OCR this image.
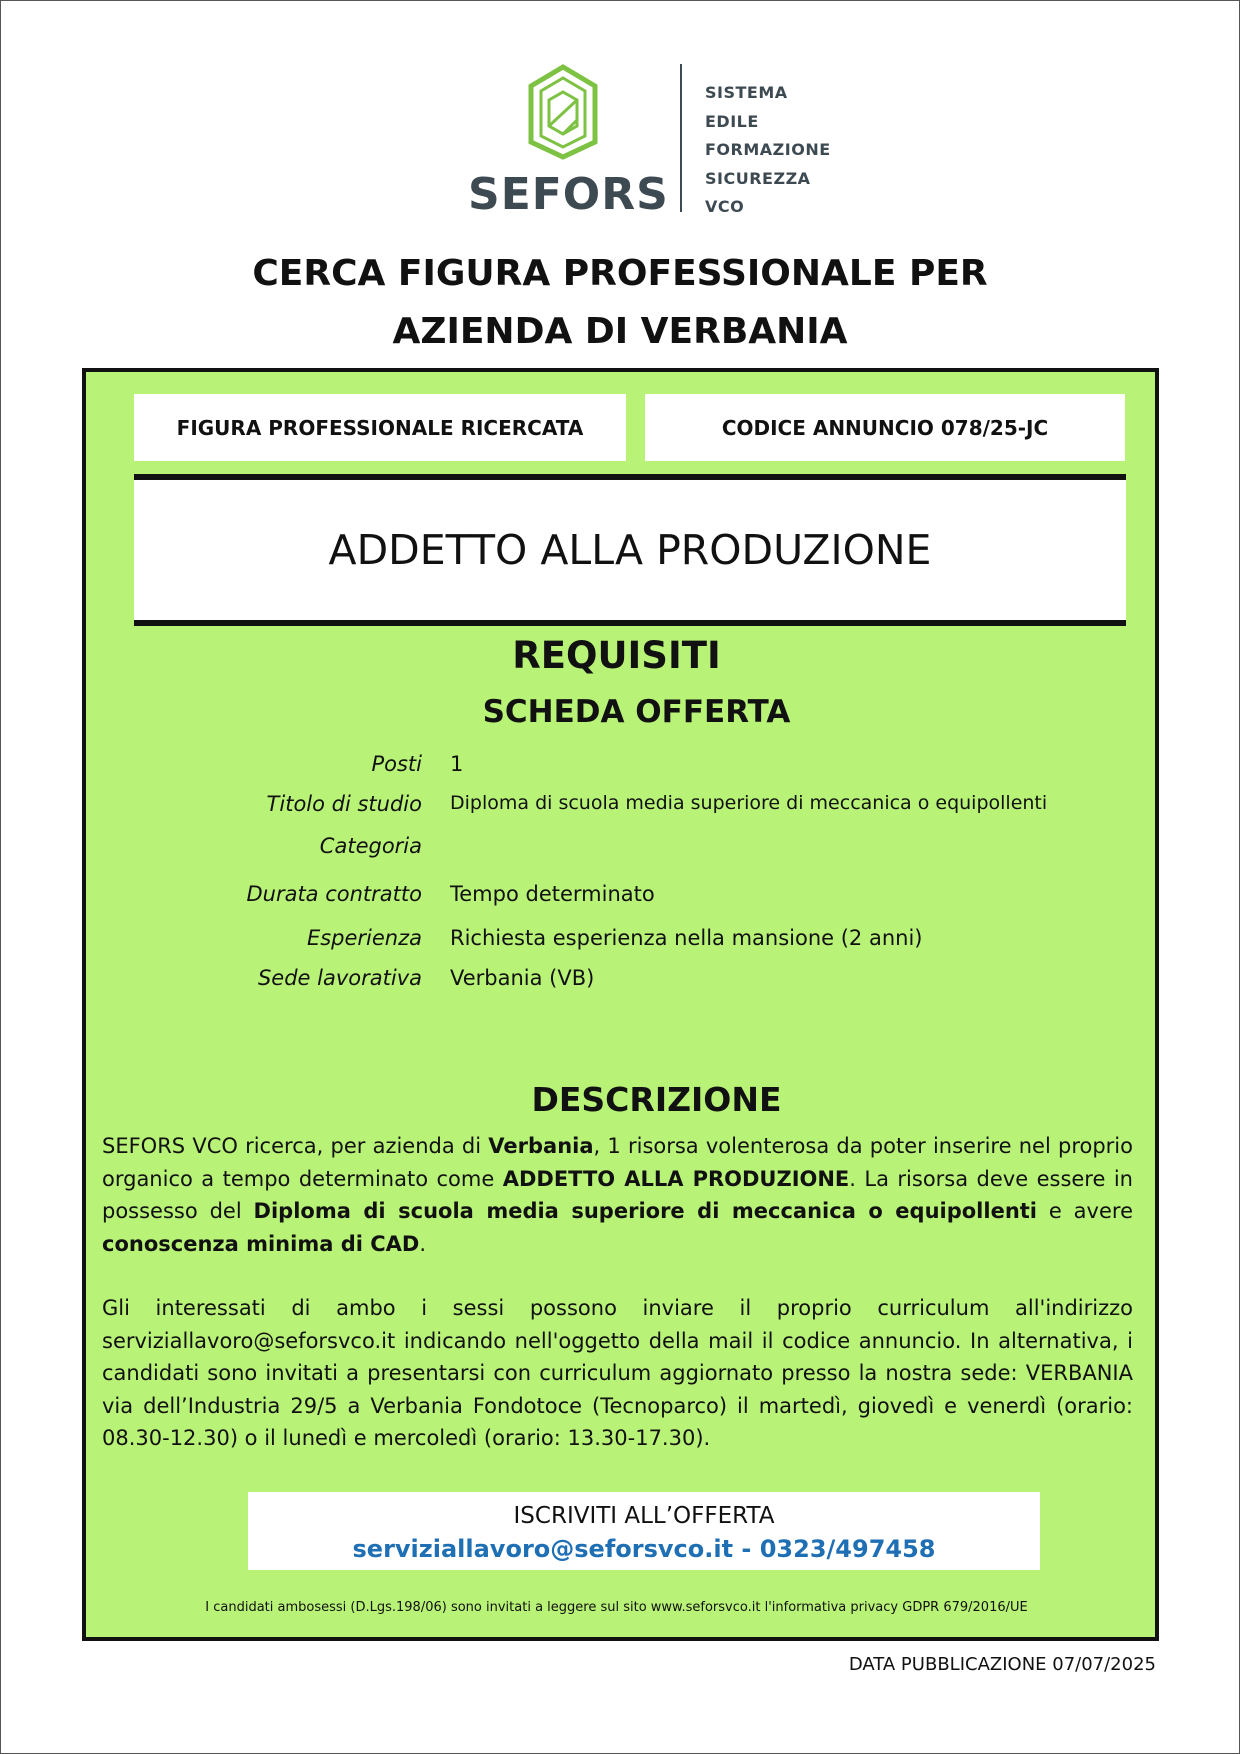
SEFORS
SISTEMA
EDILE
FORMAZIONE
SICUREZZA
VCO
CERCA FIGURA PROFESSIONALE PER
AZIENDA DI VERBANIA
FIGURA PROFESSIONALE RICERCATA	CODICE ANNUNCIO 078/25-JC
ADDETTO ALLA PRODUZIONE
REQUISITI
SCHEDA OFFERTA
Posti 1
Titolo di studio Diploma di scuola media superiore di meccanica o equipollenti
Categoria
Durata contratto Tempo determinato
Esperienza Richiesta esperienza nella mansione (2 anni)
Sede lavorativa Verbania (VB)
DESCRIZIONE

SEFORS VCO ricerca, per azienda di Verbania, 1 risorsa volenterosa da poter inserire nel proprio organico a tempo determinato come ADDETTO ALLA PRODUZIONE. La risorsa deve essere in possesso del Diploma di scuola media superiore di meccanica o equipollenti e avere conoscenza minima di CAD.

Gli interessati di ambo i sessi possono inviare il proprio curriculum all'indirizzo serviziallavoro@seforsvco.it indicando nell'oggetto della mail il codice annuncio. In alternativa, i candidati sono invitati a presentarsi con curriculum aggiornato presso la nostra sede: VERBANIA via dell’Industria 29/5 a Verbania Fondotoce (Tecnoparco) il martedì, giovedì e venerdì (orario: 08.30-12.30) o il lunedì e mercoledì (orario: 13.30-17.30).

ISCRIVITI ALL’OFFERTA
serviziallavoro@seforsvco.it - 0323/497458
I candidati ambosessi (D.Lgs.198/06) sono invitati a leggere sul sito www.seforsvco.it l'informativa privacy GDPR 679/2016/UE
DATA PUBBLICAZIONE 07/07/2025
